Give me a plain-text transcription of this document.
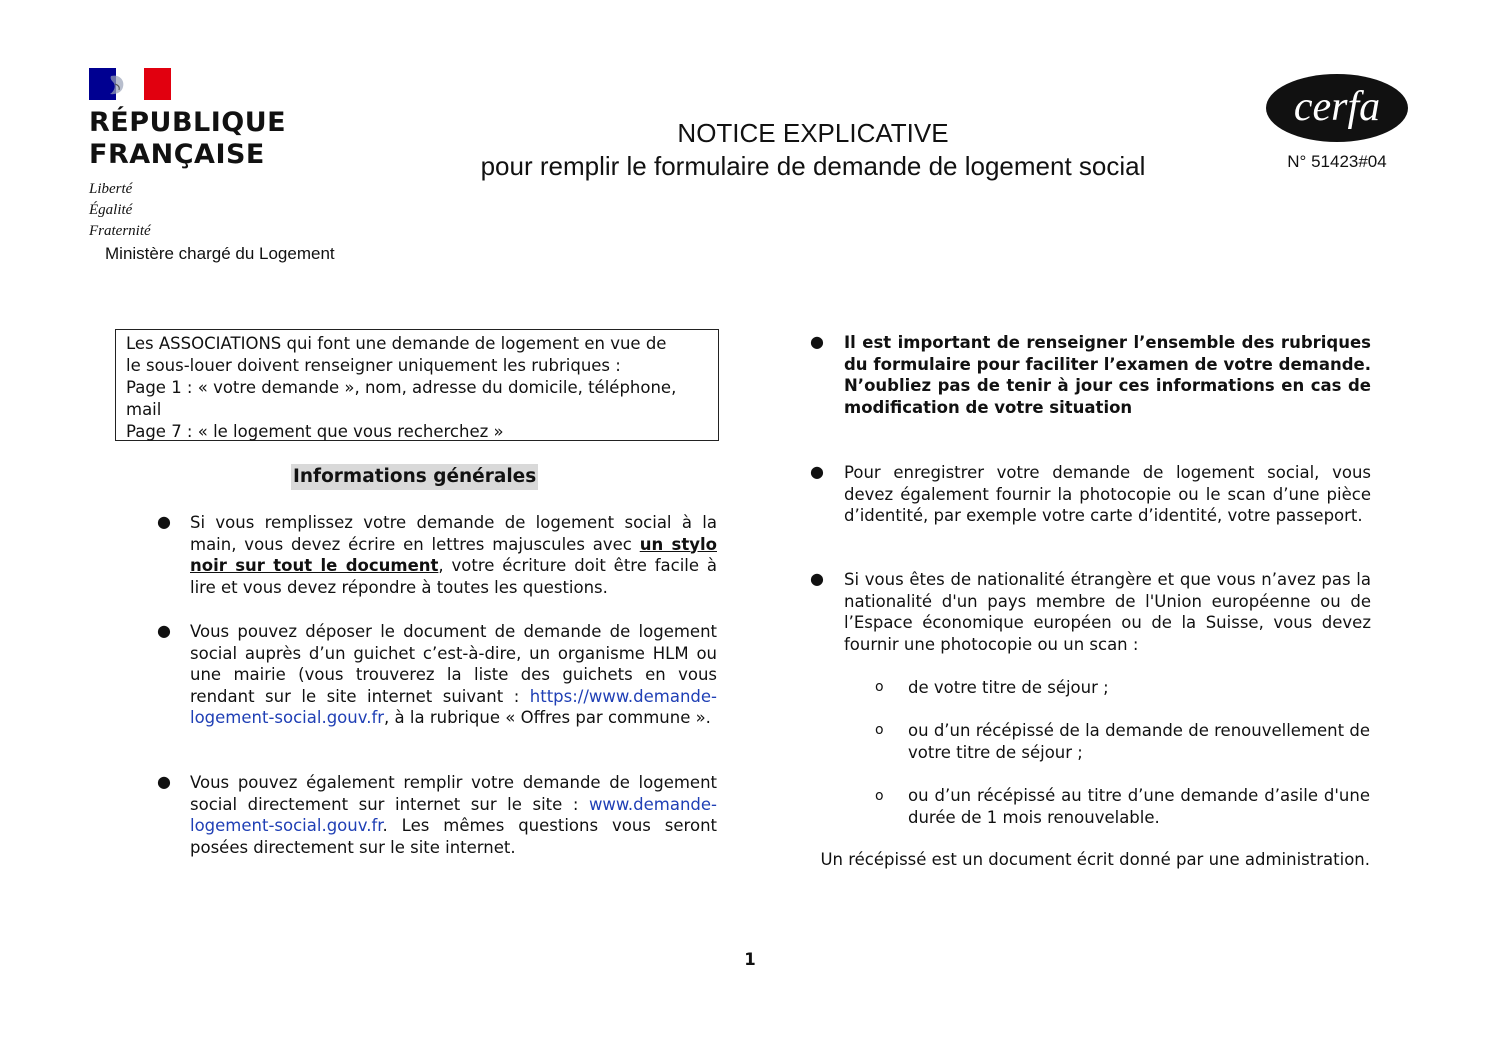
RÉPUBLIQUE
FRANÇAISE
Liberté
Égalité
Fraternité
Ministère chargé du Logement
NOTICE EXPLICATIVE
pour remplir le formulaire de demande de logement social
cerfa
N° 51423#04
Les ASSOCIATIONS qui font une demande de logement en vue de
le sous-louer doivent renseigner uniquement les rubriques :
Page 1 : « votre demande », nom, adresse du domicile, téléphone,
mail
Page 7 : « le logement que vous recherchez »
Informations générales
● Si vous remplissez votre demande de logement social à la main, vous devez écrire en lettres majuscules avec un stylo noir sur tout le document, votre écriture doit être facile à lire et vous devez répondre à toutes les questions.
● Vous pouvez déposer le document de demande de logement social auprès d’un guichet c’est-à-dire, un organisme HLM ou une mairie (vous trouverez la liste des guichets en vous rendant sur le site internet suivant : https://www.demande-logement-social.gouv.fr, à la rubrique « Offres par commune ».
● Vous pouvez également remplir votre demande de logement social directement sur internet sur le site : www.demande-logement-social.gouv.fr. Les mêmes questions vous seront posées directement sur le site internet.
● Il est important de renseigner l’ensemble des rubriques du formulaire pour faciliter l’examen de votre demande. N’oubliez pas de tenir à jour ces informations en cas de modification de votre situation
● Pour enregistrer votre demande de logement social, vous devez également fournir la photocopie ou le scan d’une pièce d’identité, par exemple votre carte d’identité, votre passeport.
● Si vous êtes de nationalité étrangère et que vous n’avez pas la nationalité d'un pays membre de l'Union européenne ou de l’Espace économique européen ou de la Suisse, vous devez fournir une photocopie ou un scan :
o de votre titre de séjour ;
o ou d’un récépissé de la demande de renouvellement de votre titre de séjour ;
o ou d’un récépissé au titre d’une demande d’asile d'une durée de 1 mois renouvelable.
Un récépissé est un document écrit donné par une administration.
1
